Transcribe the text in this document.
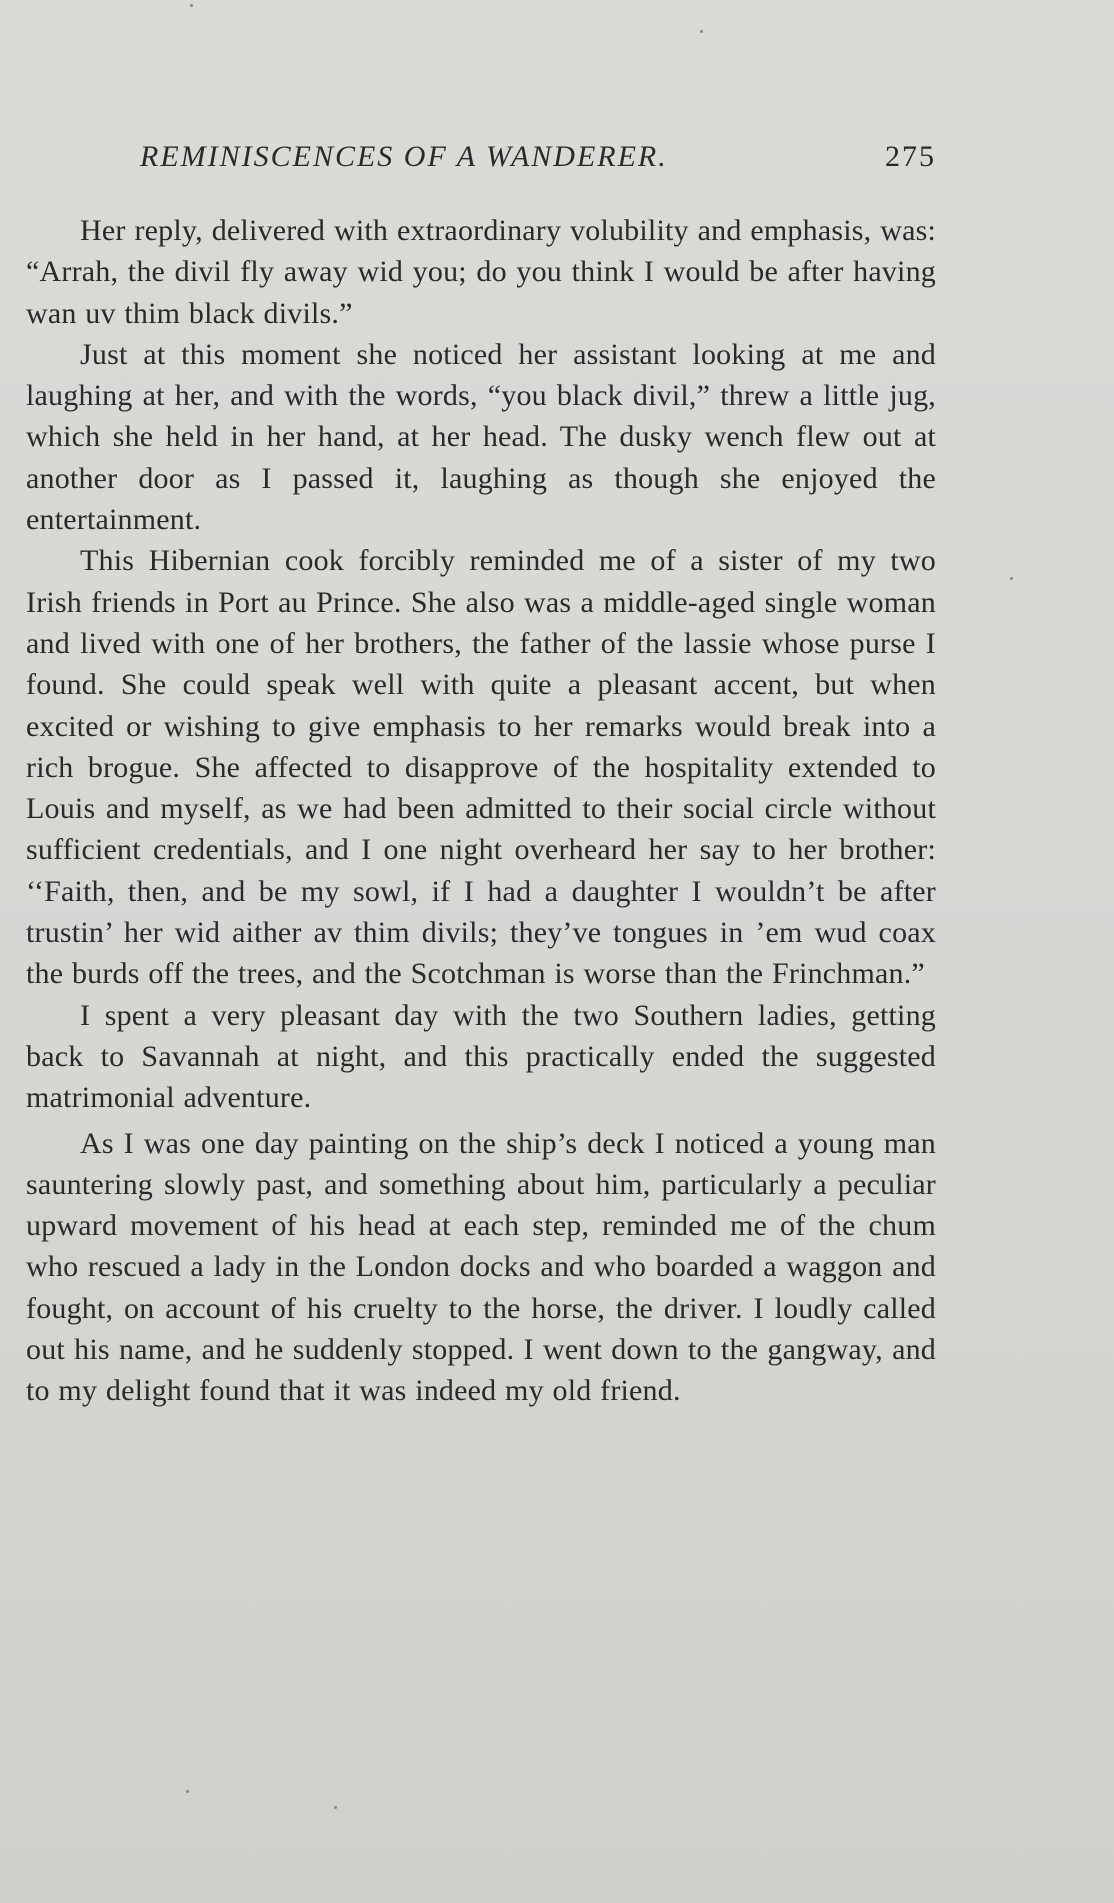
REMINISCENCES OF A WANDERER.	275

Her reply, delivered with extraordinary volubility and emphasis, was: “Arrah, the divil fly away wid you; do you think I would be after having wan uv thim black divils.”

Just at this moment she noticed her assistant looking at me and laughing at her, and with the words, “you black divil,” threw a little jug, which she held in her hand, at her head. The dusky wench flew out at another door as I passed it, laughing as though she enjoyed the entertainment.

This Hibernian cook forcibly reminded me of a sister of my two Irish friends in Port au Prince. She also was a middle-aged single woman and lived with one of her brothers, the father of the lassie whose purse I found. She could speak well with quite a pleasant accent, but when excited or wishing to give emphasis to her remarks would break into a rich brogue. She affected to disapprove of the hospitality extended to Louis and myself, as we had been admitted to their social circle without sufficient credentials, and I one night overheard her say to her brother: ‘‘Faith, then, and be my sowl, if I had a daughter I wouldn’t be after trustin’ her wid aither av thim divils; they’ve tongues in ’em wud coax the burds off the trees, and the Scotchman is worse than the Frinchman.”

I spent a very pleasant day with the two Southern ladies, getting back to Savannah at night, and this practically ended the suggested matrimonial adventure.

As I was one day painting on the ship’s deck I noticed a young man sauntering slowly past, and something about him, particularly a peculiar upward movement of his head at each step, reminded me of the chum who rescued a lady in the London docks and who boarded a waggon and fought, on account of his cruelty to the horse, the driver. I loudly called out his name, and he suddenly stopped. I went down to the gangway, and to my delight found that it was indeed my old friend.
